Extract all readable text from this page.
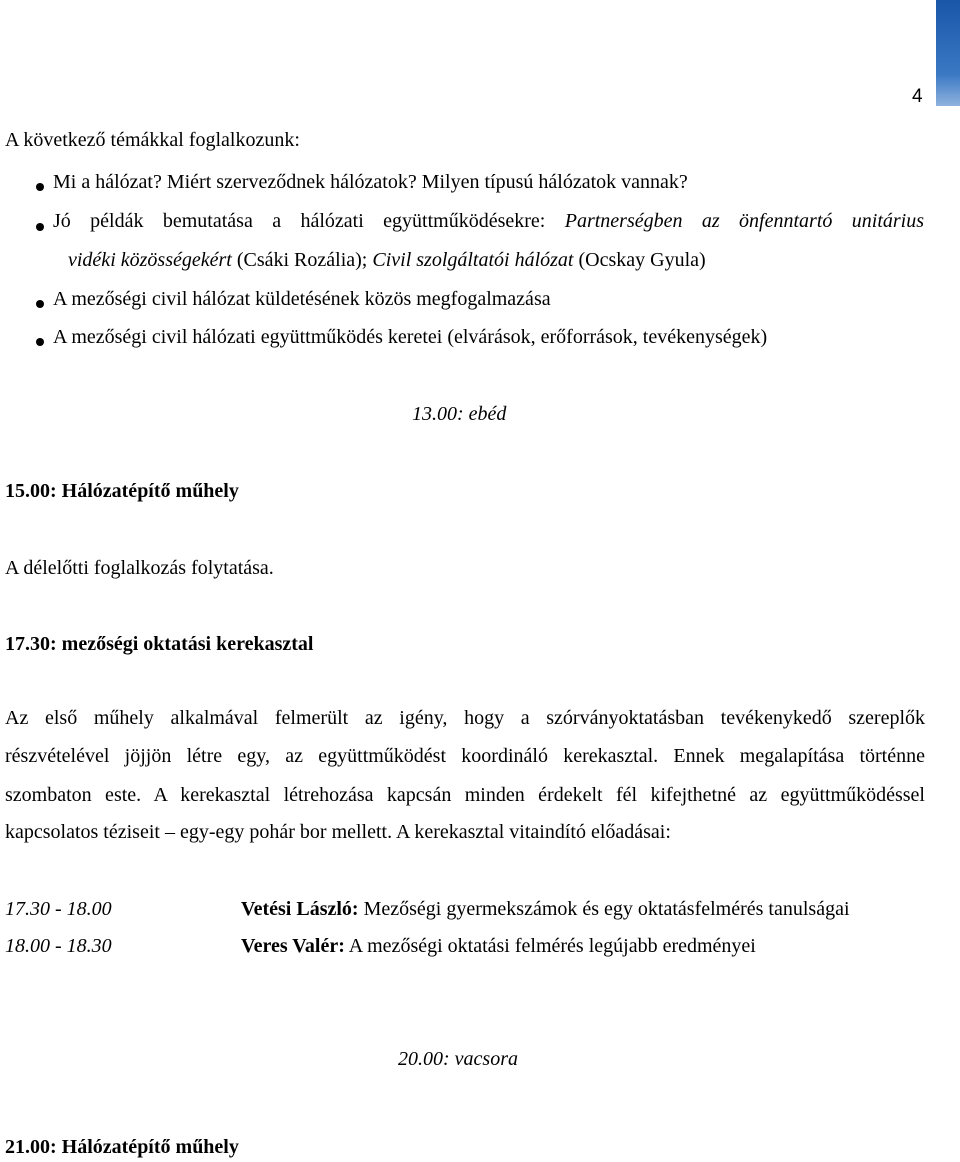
4
A következő témákkal foglalkozunk:
Mi a hálózat? Miért szerveződnek hálózatok? Milyen típusú hálózatok vannak?
Jó példák bemutatása a hálózati együttműködésekre: Partnerségben az önfenntartó unitárius
vidéki közösségekért (Csáki Rozália); Civil szolgáltatói hálózat (Ocskay Gyula)
A mezőségi civil hálózat küldetésének közös megfogalmazása
A mezőségi civil hálózati együttműködés keretei (elvárások, erőforrások, tevékenységek)
13.00: ebéd
15.00: Hálózatépítő műhely
A délelőtti foglalkozás folytatása.
17.30: mezőségi oktatási kerekasztal
Az első műhely alkalmával felmerült az igény, hogy a szórványoktatásban tevékenykedő szereplők
részvételével jöjjön létre egy, az együttműködést koordináló kerekasztal. Ennek megalapítása történne
szombaton este. A kerekasztal létrehozása kapcsán minden érdekelt fél kifejthetné az együttműködéssel
kapcsolatos téziseit – egy-egy pohár bor mellett. A kerekasztal vitaindító előadásai:
17.30 - 18.00	Vetési László: Mezőségi gyermekszámok és egy oktatásfelmérés tanulságai
18.00 - 18.30	Veres Valér: A mezőségi oktatási felmérés legújabb eredményei
20.00: vacsora
21.00: Hálózatépítő műhely
